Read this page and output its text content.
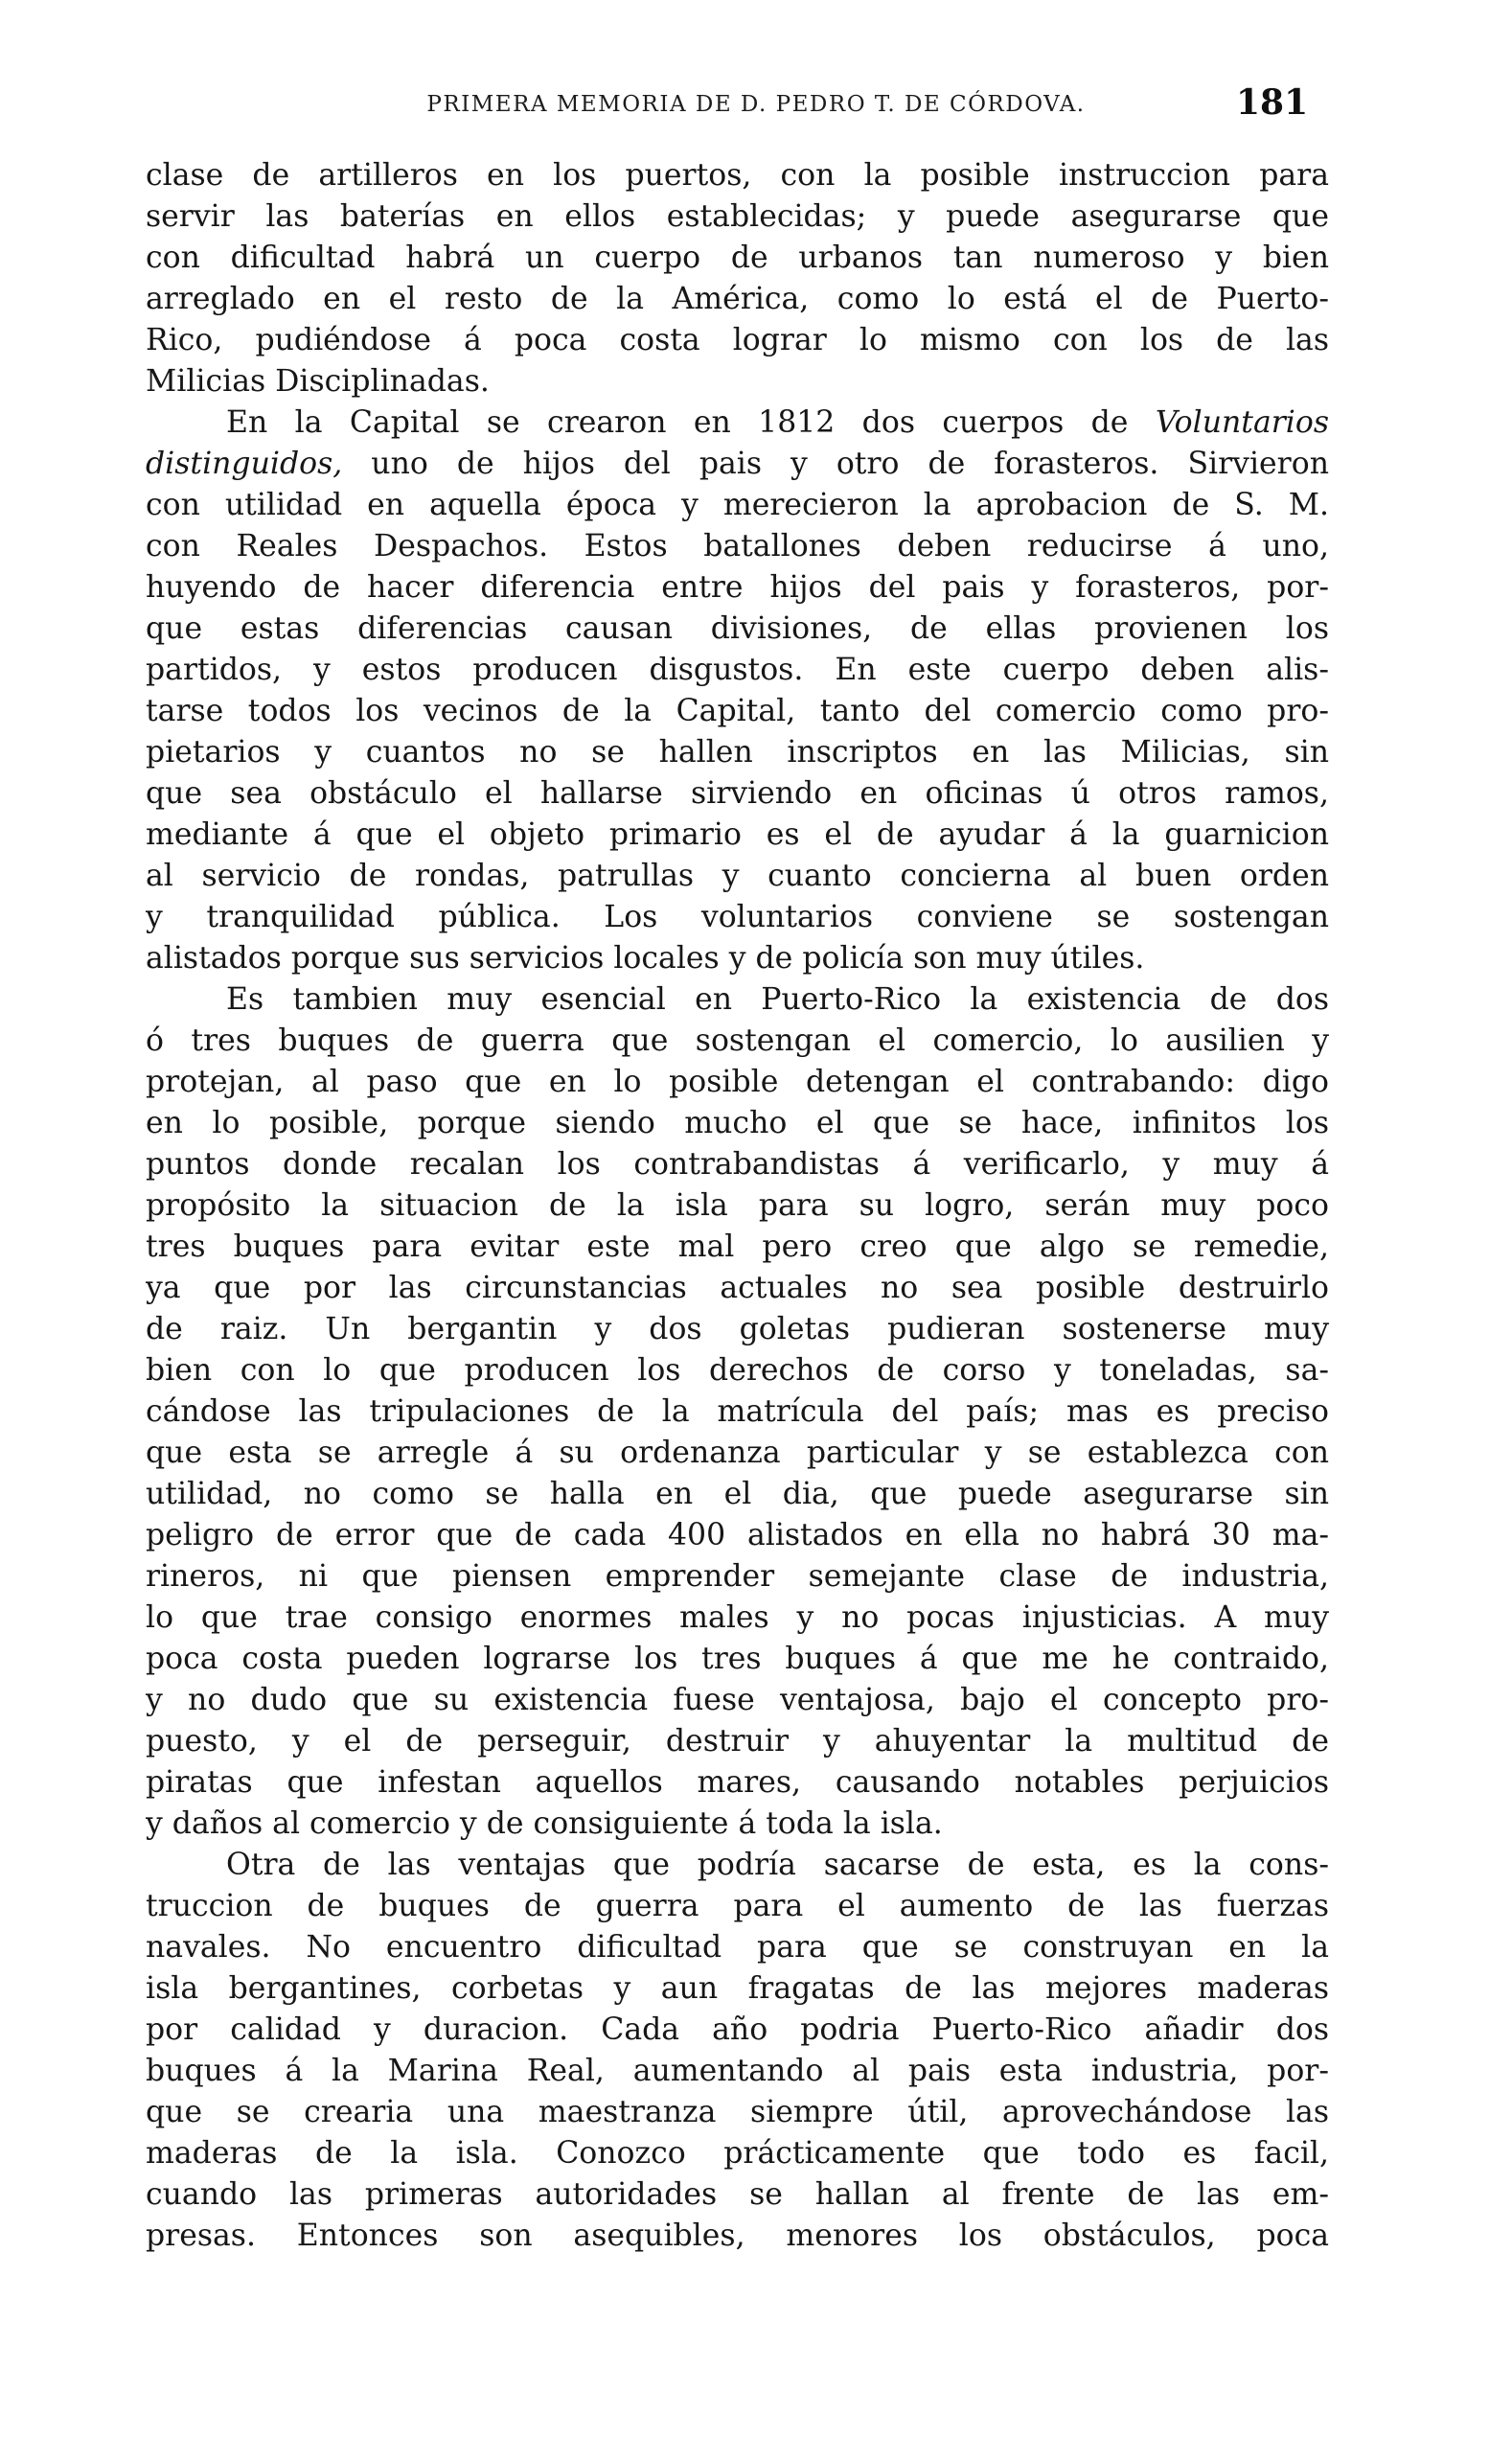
PRIMERA MEMORIA DE D. PEDRO T. DE CÓRDOVA.	181
clase de artilleros en los puertos, con la posible instruccion para
servir las baterías en ellos establecidas; y puede asegurarse que
con dificultad habrá un cuerpo de urbanos tan numeroso y bien
arreglado en el resto de la América, como lo está el de Puerto-
Rico, pudiéndose á poca costa lograr lo mismo con los de las
Milicias Disciplinadas.
En la Capital se crearon en 1812 dos cuerpos de Voluntarios
distinguidos, uno de hijos del pais y otro de forasteros. Sirvieron
con utilidad en aquella época y merecieron la aprobacion de S. M.
con Reales Despachos. Estos batallones deben reducirse á uno,
huyendo de hacer diferencia entre hijos del pais y forasteros, por-
que estas diferencias causan divisiones, de ellas provienen los
partidos, y estos producen disgustos. En este cuerpo deben alis-
tarse todos los vecinos de la Capital, tanto del comercio como pro-
pietarios y cuantos no se hallen inscriptos en las Milicias, sin
que sea obstáculo el hallarse sirviendo en oficinas ú otros ramos,
mediante á que el objeto primario es el de ayudar á la guarnicion
al servicio de rondas, patrullas y cuanto concierna al buen orden
y tranquilidad pública. Los voluntarios conviene se sostengan
alistados porque sus servicios locales y de policía son muy útiles.
Es tambien muy esencial en Puerto-Rico la existencia de dos
ó tres buques de guerra que sostengan el comercio, lo ausilien y
protejan, al paso que en lo posible detengan el contrabando: digo
en lo posible, porque siendo mucho el que se hace, infinitos los
puntos donde recalan los contrabandistas á verificarlo, y muy á
propósito la situacion de la isla para su logro, serán muy poco
tres buques para evitar este mal pero creo que algo se remedie,
ya que por las circunstancias actuales no sea posible destruirlo
de raiz. Un bergantin y dos goletas pudieran sostenerse muy
bien con lo que producen los derechos de corso y toneladas, sa-
cándose las tripulaciones de la matrícula del país; mas es preciso
que esta se arregle á su ordenanza particular y se establezca con
utilidad, no como se halla en el dia, que puede asegurarse sin
peligro de error que de cada 400 alistados en ella no habrá 30 ma-
rineros, ni que piensen emprender semejante clase de industria,
lo que trae consigo enormes males y no pocas injusticias. A muy
poca costa pueden lograrse los tres buques á que me he contraido,
y no dudo que su existencia fuese ventajosa, bajo el concepto pro-
puesto, y el de perseguir, destruir y ahuyentar la multitud de
piratas que infestan aquellos mares, causando notables perjuicios
y daños al comercio y de consiguiente á toda la isla.
Otra de las ventajas que podría sacarse de esta, es la cons-
truccion de buques de guerra para el aumento de las fuerzas
navales. No encuentro dificultad para que se construyan en la
isla bergantines, corbetas y aun fragatas de las mejores maderas
por calidad y duracion. Cada año podria Puerto-Rico añadir dos
buques á la Marina Real, aumentando al pais esta industria, por-
que se crearia una maestranza siempre útil, aprovechándose las
maderas de la isla. Conozco prácticamente que todo es facil,
cuando las primeras autoridades se hallan al frente de las em-
presas. Entonces son asequibles, menores los obstáculos, poca
